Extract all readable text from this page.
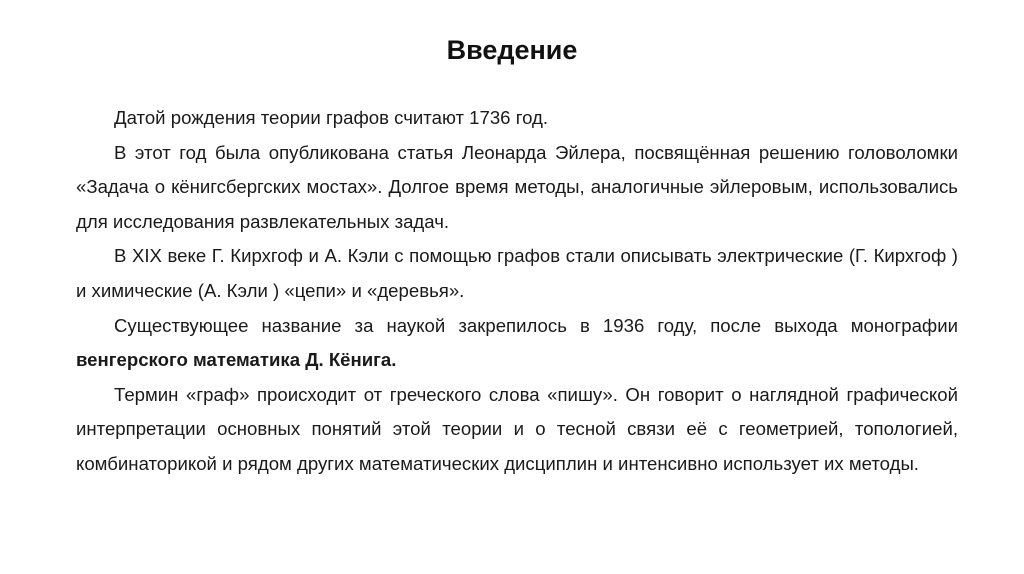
Введение

Датой рождения теории графов считают 1736 год.

В этот год была опубликована статья Леонарда Эйлера, посвящённая решению головоломки «Задача о кёнигсбергских мостах». Долгое время методы, аналогичные эйлеровым, использовались для исследования развлекательных задач.

В XIX веке Г. Кирхгоф и А. Кэли с помощью графов стали описывать электрические (Г. Кирхгоф ) и химические (А. Кэли ) «цепи» и «деревья».

Существующее название за наукой закрепилось в 1936 году, после выхода монографии венгерского математика Д. Кёнига.

Термин «граф» происходит от греческого слова «пишу». Он говорит о наглядной графической интерпретации основных понятий этой теории и о тесной связи её с геометрией, топологией, комбинаторикой и рядом других математических дисциплин и интенсивно использует их методы.
